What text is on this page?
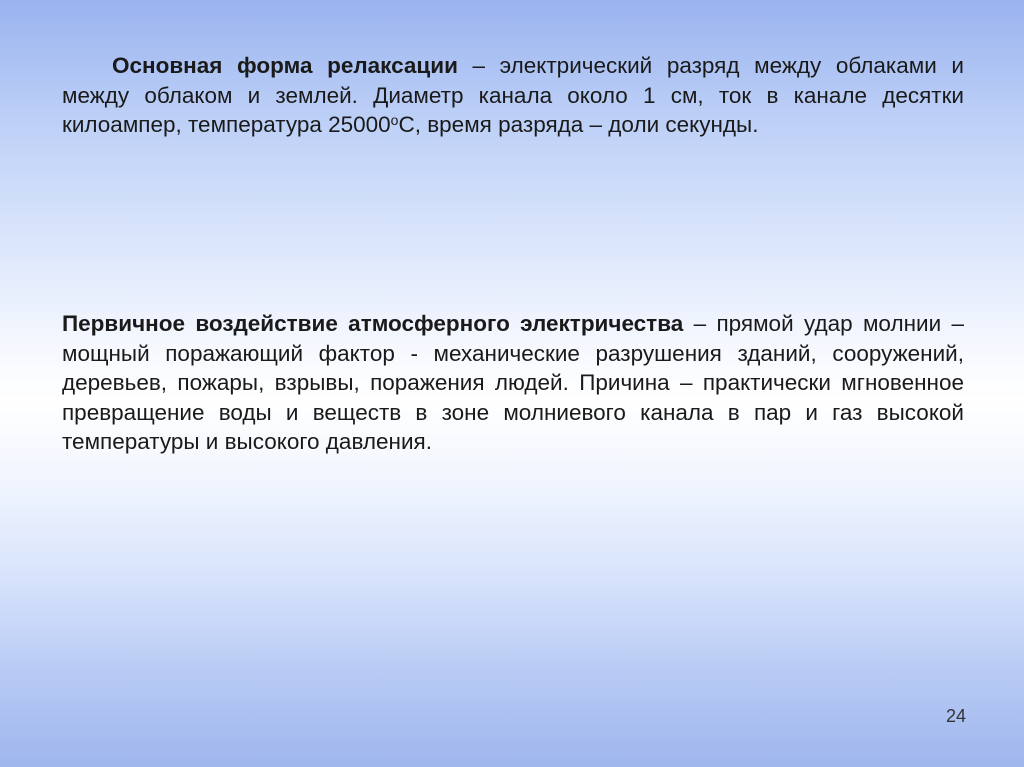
Основная форма релаксации – электрический разряд между облаками и между облаком и землей. Диаметр канала около 1 см, ток в канале десятки килоампер, температура $25000^оС$, время разряда – доли секунды.

Первичное воздействие атмосферного электричества – прямой удар молнии – мощный поражающий фактор - механические разрушения зданий, сооружений, деревьев, пожары, взрывы, поражения людей. Причина – практически мгновенное превращение воды и веществ в зоне молниевого канала в пар и газ высокой температуры и высокого давления.

24
